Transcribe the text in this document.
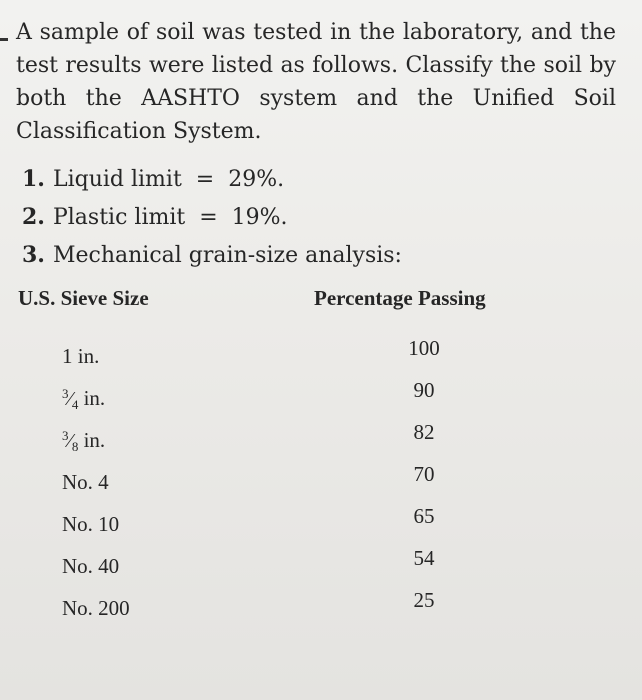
A sample of soil was tested in the laboratory, and the test results were listed as follows. Classify the soil by both the AASHTO system and the Unified Soil Classification System.
1. Liquid limit = 29%.
2. Plastic limit = 19%.
3. Mechanical grain-size analysis:
U.S. Sieve Size	Percentage Passing
1 in.	100
$^3⁄_4$ in.	90
$^3⁄_8$ in.	82
No. 4	70
No. 10	65
No. 40	54
No. 200	25
